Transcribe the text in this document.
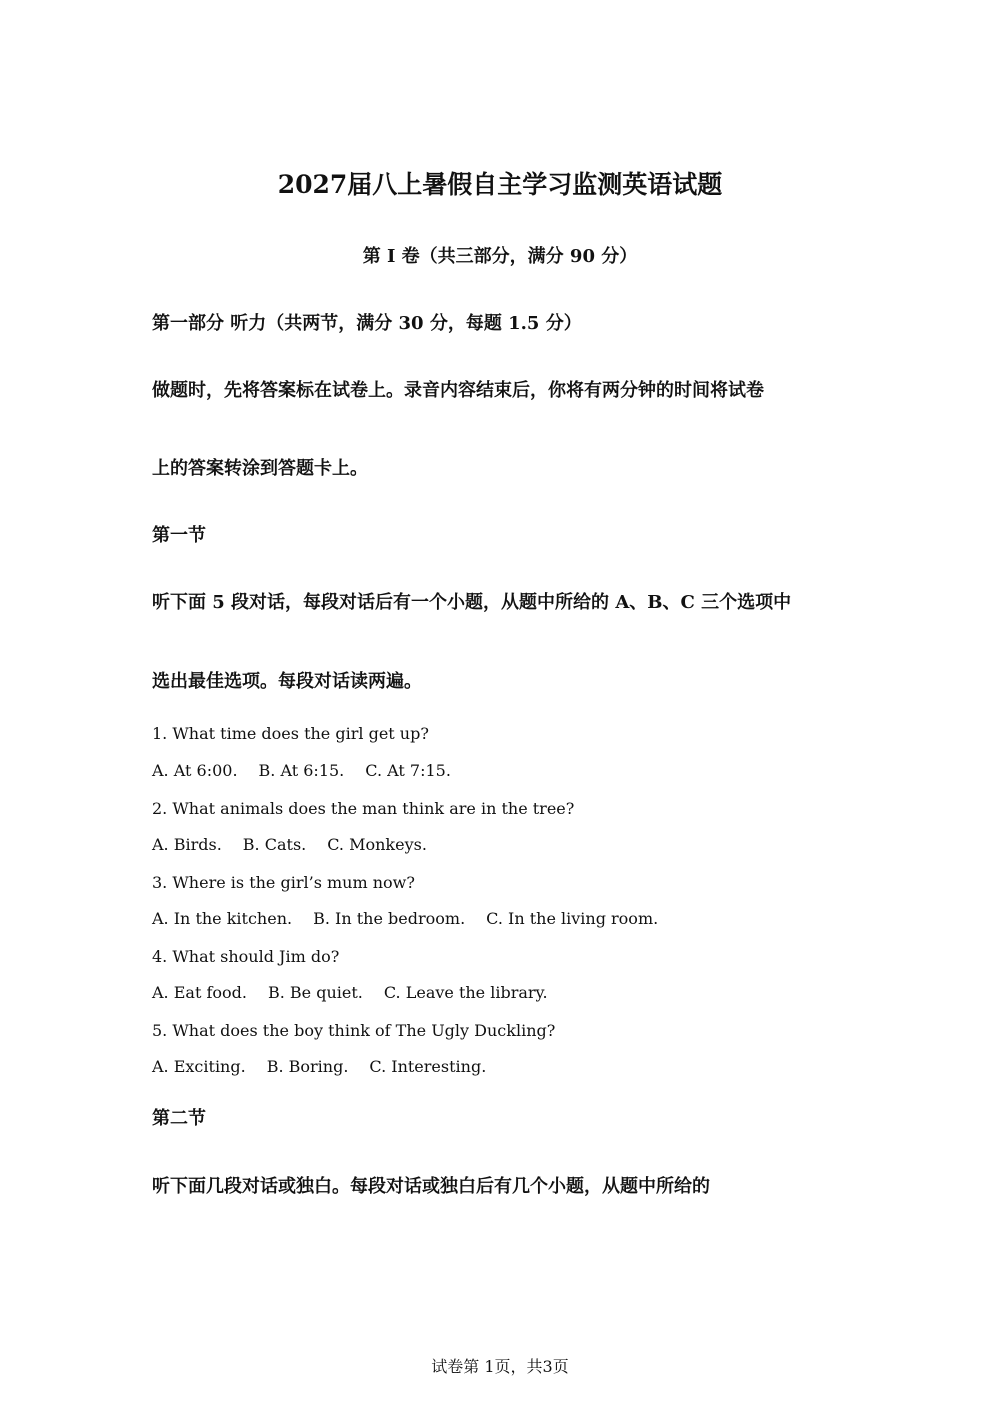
2027届八上暑假自主学习监测英语试题
第 I 卷（共三部分，满分 90 分）
第一部分 听力（共两节，满分 30 分，每题 1.5 分）
做题时，先将答案标在试卷上。录音内容结束后，你将有两分钟的时间将试卷
上的答案转涂到答题卡上。
第一节
听下面 5 段对话，每段对话后有一个小题，从题中所给的 A、B、C 三个选项中
选出最佳选项。每段对话读两遍。
1. What time does the girl get up?
A. At 6:00. B. At 6:15. C. At 7:15.
2. What animals does the man think are in the tree?
A. Birds. B. Cats. C. Monkeys.
3. Where is the girl’s mum now?
A. In the kitchen. B. In the bedroom. C. In the living room.
4. What should Jim do?
A. Eat food. B. Be quiet. C. Leave the library.
5. What does the boy think of The Ugly Duckling?
A. Exciting. B. Boring. C. Interesting.
第二节
听下面几段对话或独白。每段对话或独白后有几个小题，从题中所给的
试卷第 1页，共3页
